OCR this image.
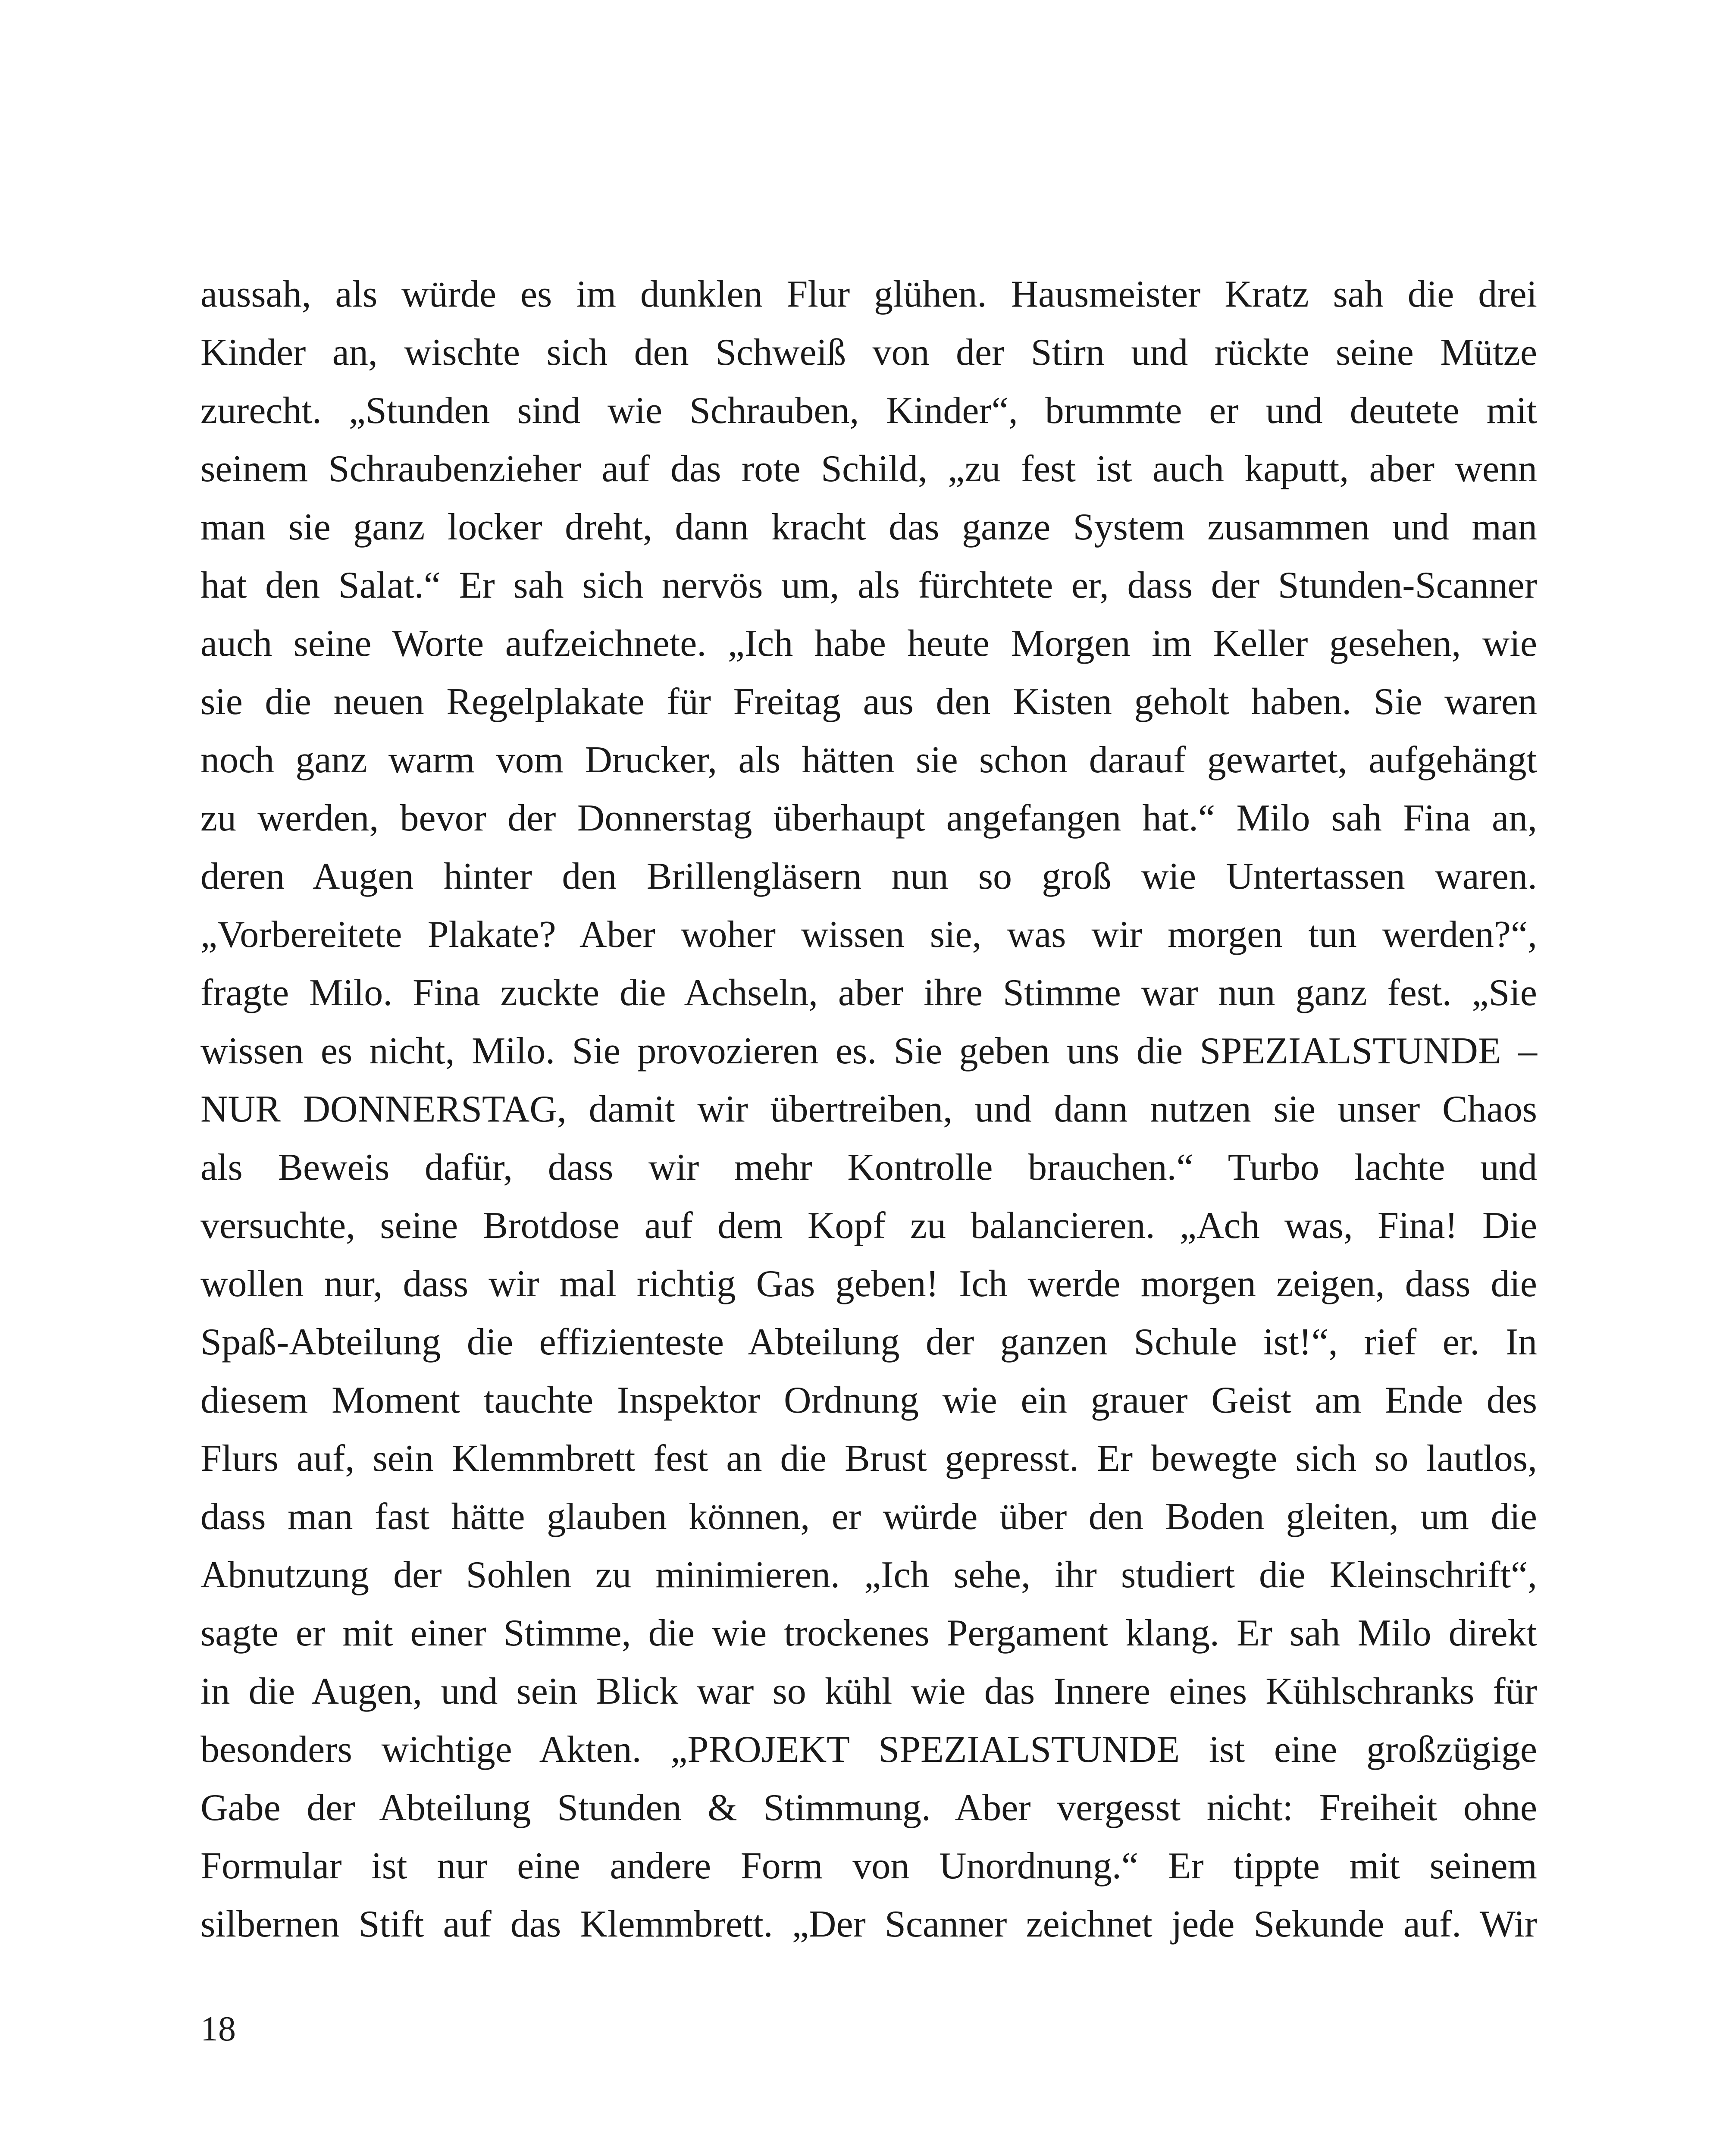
aussah, als würde es im dunklen Flur glühen. Hausmeister Kratz sah die drei
Kinder an, wischte sich den Schweiß von der Stirn und rückte seine Mütze
zurecht. „Stunden sind wie Schrauben, Kinder“, brummte er und deutete mit
seinem Schraubenzieher auf das rote Schild, „zu fest ist auch kaputt, aber wenn
man sie ganz locker dreht, dann kracht das ganze System zusammen und man
hat den Salat.“ Er sah sich nervös um, als fürchtete er, dass der Stunden-Scanner
auch seine Worte aufzeichnete. „Ich habe heute Morgen im Keller gesehen, wie
sie die neuen Regelplakate für Freitag aus den Kisten geholt haben. Sie waren
noch ganz warm vom Drucker, als hätten sie schon darauf gewartet, aufgehängt
zu werden, bevor der Donnerstag überhaupt angefangen hat.“ Milo sah Fina an,
deren Augen hinter den Brillengläsern nun so groß wie Untertassen waren.
„Vorbereitete Plakate? Aber woher wissen sie, was wir morgen tun werden?“,
fragte Milo. Fina zuckte die Achseln, aber ihre Stimme war nun ganz fest. „Sie
wissen es nicht, Milo. Sie provozieren es. Sie geben uns die SPEZIALSTUNDE –
NUR DONNERSTAG, damit wir übertreiben, und dann nutzen sie unser Chaos
als Beweis dafür, dass wir mehr Kontrolle brauchen.“ Turbo lachte und
versuchte, seine Brotdose auf dem Kopf zu balancieren. „Ach was, Fina! Die
wollen nur, dass wir mal richtig Gas geben! Ich werde morgen zeigen, dass die
Spaß-Abteilung die effizienteste Abteilung der ganzen Schule ist!“, rief er. In
diesem Moment tauchte Inspektor Ordnung wie ein grauer Geist am Ende des
Flurs auf, sein Klemmbrett fest an die Brust gepresst. Er bewegte sich so lautlos,
dass man fast hätte glauben können, er würde über den Boden gleiten, um die
Abnutzung der Sohlen zu minimieren. „Ich sehe, ihr studiert die Kleinschrift“,
sagte er mit einer Stimme, die wie trockenes Pergament klang. Er sah Milo direkt
in die Augen, und sein Blick war so kühl wie das Innere eines Kühlschranks für
besonders wichtige Akten. „PROJEKT SPEZIALSTUNDE ist eine großzügige
Gabe der Abteilung Stunden & Stimmung. Aber vergesst nicht: Freiheit ohne
Formular ist nur eine andere Form von Unordnung.“ Er tippte mit seinem
silbernen Stift auf das Klemmbrett. „Der Scanner zeichnet jede Sekunde auf. Wir
18
